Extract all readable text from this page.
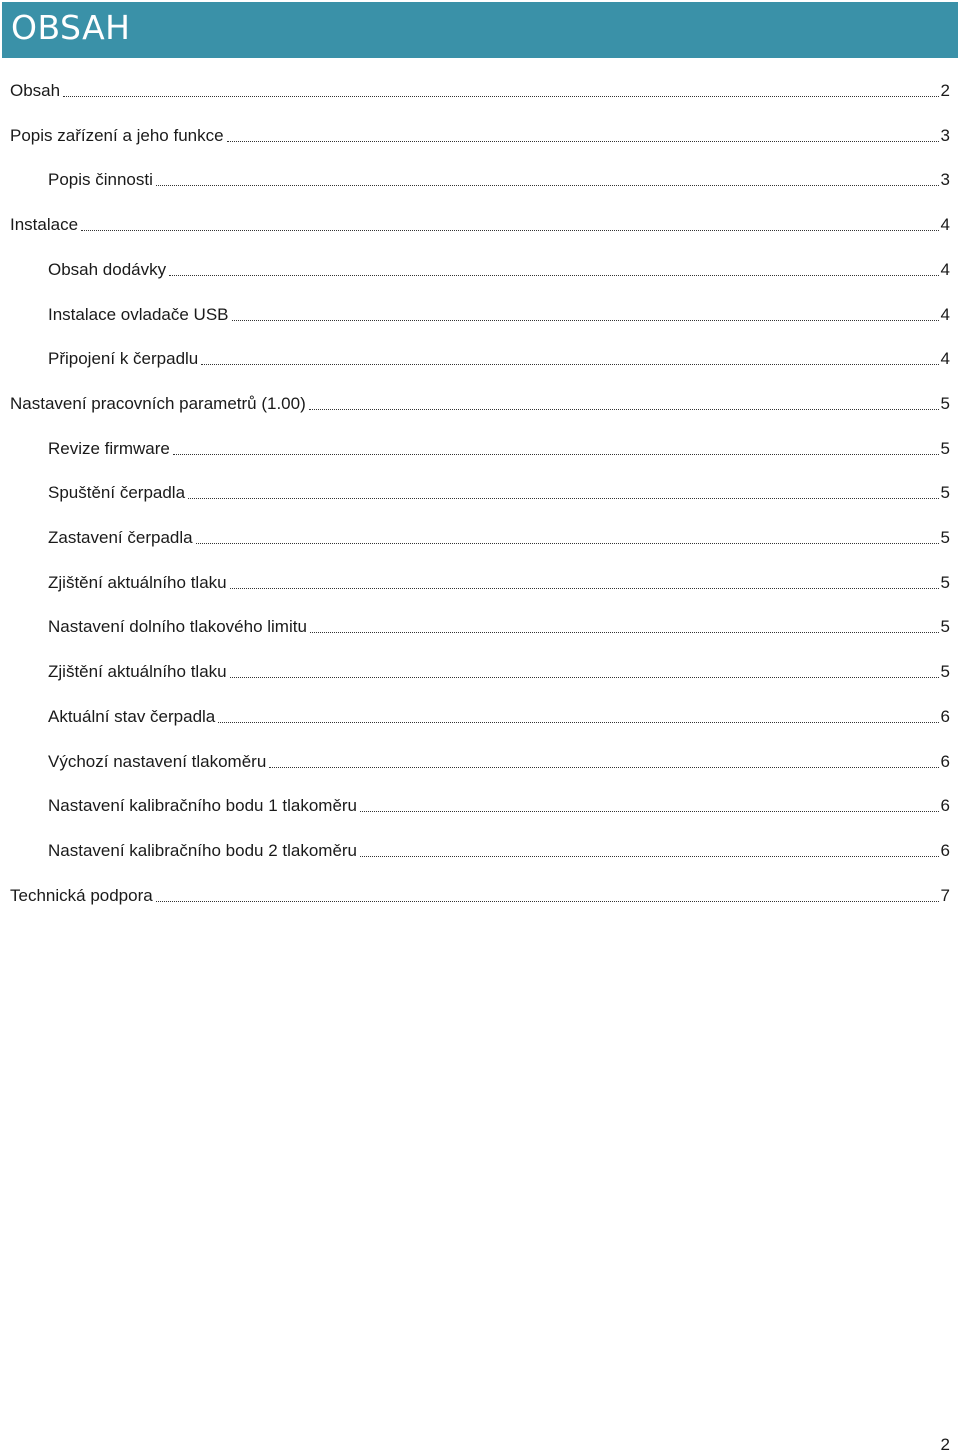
OBSAH
Obsah	2
Popis zařízení a jeho funkce	3
Popis činnosti	3
Instalace	4
Obsah dodávky	4
Instalace ovladače USB	4
Připojení k čerpadlu	4
Nastavení pracovních parametrů (1.00)	5
Revize firmware	5
Spuštění čerpadla	5
Zastavení čerpadla	5
Zjištění aktuálního tlaku	5
Nastavení dolního tlakového limitu	5
Zjištění aktuálního tlaku	5
Aktuální stav čerpadla	6
Výchozí nastavení tlakoměru	6
Nastavení kalibračního bodu 1 tlakoměru	6
Nastavení kalibračního bodu 2 tlakoměru	6
Technická podpora	7
2
